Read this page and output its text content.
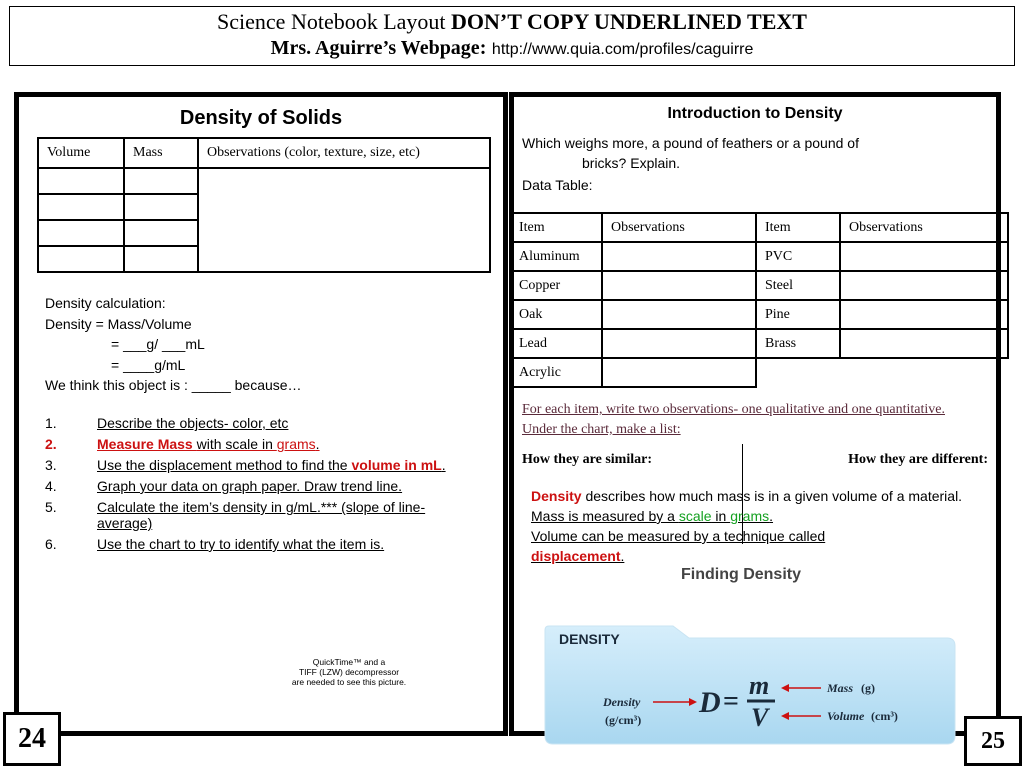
Science Notebook Layout DON’T COPY UNDERLINED TEXT
Mrs. Aguirre’s Webpage: http://www.quia.com/profiles/caguirre
Density of Solids
Volume	Mass	Observations (color, texture, size, etc)

Density calculation:
Density = Mass/Volume
= ___g/ ___mL
= ____g/mL
We think this object is : _____ because…
1.	Describe the objects- color, etc
2.	Measure Mass with scale in grams.
3.	Use the displacement method to find the volume in mL.
4.	Graph your data on graph paper. Draw trend line.
5.	Calculate the item’s density in g/mL.*** (slope of line- average)
6.	Use the chart to try to identify what the item is.
QuickTime™ and a
TIFF (LZW) decompressor
are needed to see this picture.
Introduction to Density
Which weighs more, a pound of feathers or a pound of
bricks? Explain.
Data Table:
Item	Observations	Item	Observations
Aluminum		PVC	
Copper		Steel	
Oak		Pine	
Lead		Brass	
Acrylic			
For each item, write two observations- one qualitative and one quantitative. Under the chart, make a list:
How they are similar:	How they are different:
Density describes how much mass is in a given volume of a material.
Mass is measured by a scale in grams.
Volume can be measured by a technique called
displacement.
Finding Density
DENSITY
Density
(g/cm³)
D =
m
V
Mass (g)
Volume (cm³)
24	25
